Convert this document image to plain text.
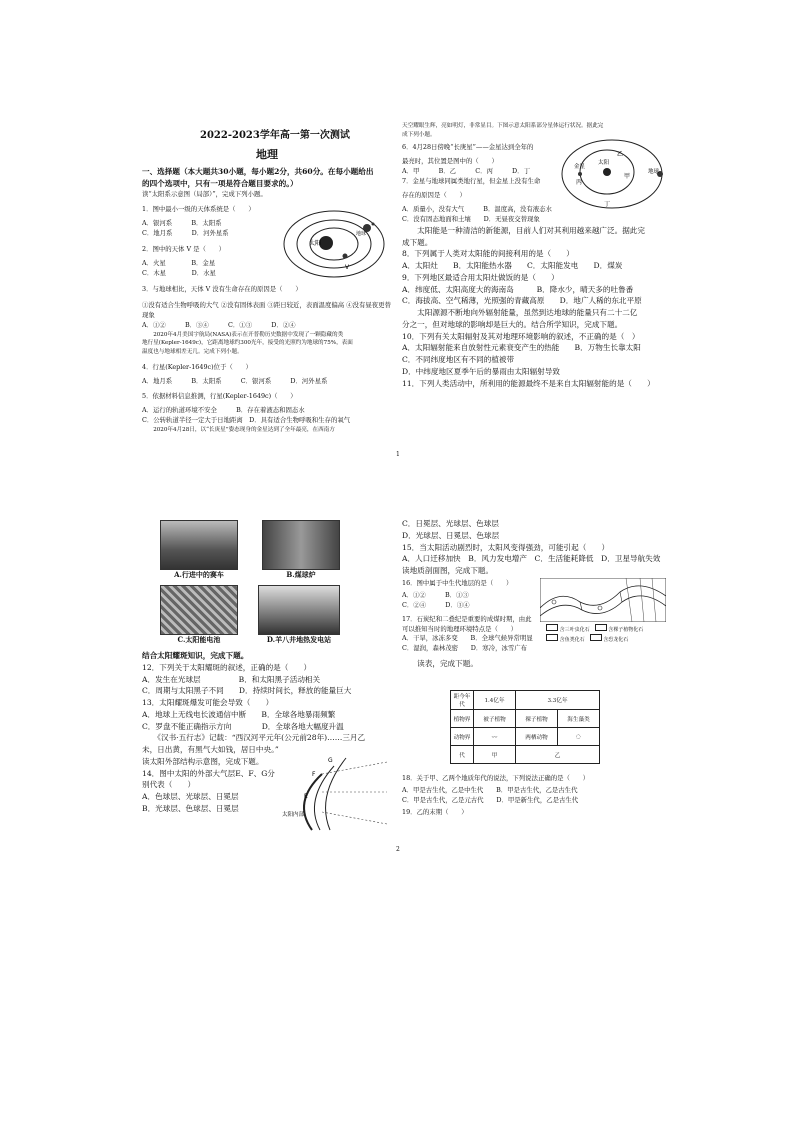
2022-2023学年高一第一次测试
地理

一、选择题（本大题共30小题，每小题2分，共60分。在每小题给出

的四个选项中，只有一项是符合题目要求的。）

读“太阳系示意图（局部）”，完成下列小题。

1．图中最小一级的天体系统是（　　）

A．银河系　　　B．太阳系

C．地月系　　　D．河外星系

2．图中的天体 V 是（　　）

A．火星　　　　B．金星

C．木星　　　　D．水星

3．与地球相比，天体 V 没有生命存在的原因是（　　）

①没有适合生物呼吸的大气 ②没有固体表面 ③距日较近，表面温度偏高 ④没有昼夜更替现象

A．①②　　　B．③④　　　C．①③　　　D．②④

　　2020年4月美国宇航局(NASA)表示在开普勒历史数据中发现了一颗隐藏的类

地行星(Kepler-1649c)，它距离地球约300光年，接受的光照约为地球的75%，表面

温度也与地球相差无几。完成下列小题。

4．行星(Kepler-1649c)位于（　　）

A．地月系　　　B．太阳系　　　C．银河系　　　D．河外星系

5．依据材料信息推测，行星(Kepler-1649c)（　　）

A．运行的轨道环境不安全　　　B．存在着液态和固态水

C．公转轨道半径一定大于日地距离　D．具有适合生物呼吸和生存的氧气

　　2020年4月28日，以“长庚星”姿态现身的金星达到了全年最亮，在西南方

太阳
地球
V

天空耀眼生辉，亮如明灯，非常显目。下图示意太阳系部分星体运行状况。据此完

成下列小题。

6．4月28日傍晚“长庚星”——金星达到全年的

最亮时，其位置是图中的（　　）

A．甲　　　B．乙　　　C．丙　　　D．丁

7．金星与地球同属类地行星，但金星上没有生命

存在的原因是（　　）

A．质量小，没有大气　　　B．温度高，没有液态水

C．没有固态地面和土壤　　D．无昼夜交替现象

　　太阳能是一种清洁的新能源，目前人们对其利用越来越广泛。据此完

成下题。

8．下列属于人类对太阳能的间接利用的是（　　）

A．太阳灶　　B．太阳能热水器　　C．太阳能发电　　D．煤炭

9．下列地区最适合用太阳灶做饭的是（　　）

A．纬度低、太阳高度大的海南岛　　　B．降水少，晴天多的吐鲁番

C．海拔高、空气稀薄，光照强的青藏高原　　D．地广人稀的东北平原

　　太阳源源不断地向外辐射能量，虽然到达地球的能量只有二十二亿

分之一，但对地球的影响却是巨大的。结合所学知识，完成下题。

10．下列有关太阳辐射及其对地理环境影响的叙述，不正确的是（　）

A．太阳辐射能来自放射性元素衰变产生的热能　　B．万物生长靠太阳

C．不同纬度地区有不同的植被带

D．中纬度地区夏季午后的暴雨由太阳辐射导致

11．下列人类活动中，所利用的能源最终不是来自太阳辐射能的是（　　）

太阳
金星
丙
乙
甲
丁
地球
1
A.行进中的赛车	B.煤球炉
C.太阳能电池	D.羊八井地热发电站

结合太阳耀斑知识，完成下题。

12．下列关于太阳耀斑的叙述，正确的是（　　）

A．发生在光球层　　　　　B．和太阳黑子活动相关

C．周期与太阳黑子不同　　D．持续时间长，释放的能量巨大

13．太阳耀斑爆发可能会导致（　　）

A．地球上无线电长波通信中断　　B．全球各地暴雨频繁

C．罗盘不能正确指示方向　　　　D．全球各地大幅度升温

　　《汉书·五行志》记载：“西汉河平元年(公元前28年)……三月乙

未，日出黄，有黑气大如钱，居日中央。”

读太阳外部结构示意图，完成下题。

14．图中太阳的外部大气层E、F、G分

别代表（　　）

A．色球层、光球层、日冕层

B．光球层、色球层、日冕层

E
F
G
太阳内部

C．日冕层、光球层、色球层

D．光球层、日冕层、色球层

15．当太阳活动剧烈时，太阳风变得强劲，可能引起（　　）

A．人口迁移加快　B．风力发电增产　C．生活能耗降低　D．卫星导航失效

读地质剖面图，完成下题。

16．图中属于中生代地层的是（　　）

A．①②　　　B．①③

C．②④　　　D．③④

17．石炭纪和二叠纪是重要的成煤时期，由此

可以推知当时的地理环境特点是（　　）

A．干旱，冰冻多变　　B．全球气候异常明显

C．湿润，森林茂密　　D．寒冷，冰雪广布

　　读表，完成下题。

18．关于甲、乙两个地质年代的说法，下列说法正确的是（　　）

A．甲是古生代，乙是中生代　　B．甲是古生代，乙是古生代

C．甲是古生代，乙是元古代　　D．甲是新生代，乙是古生代

19．乙的末期（　　）

含三叶虫化石　	含裸子植物化石

含鱼类化石　	含恐龙化石

距今年代	1.4亿年	3.3亿年	
植物界	被子植物	裸子植物	海生藻类
动物界	〰	两栖动物	◌
代	甲	乙	
2
